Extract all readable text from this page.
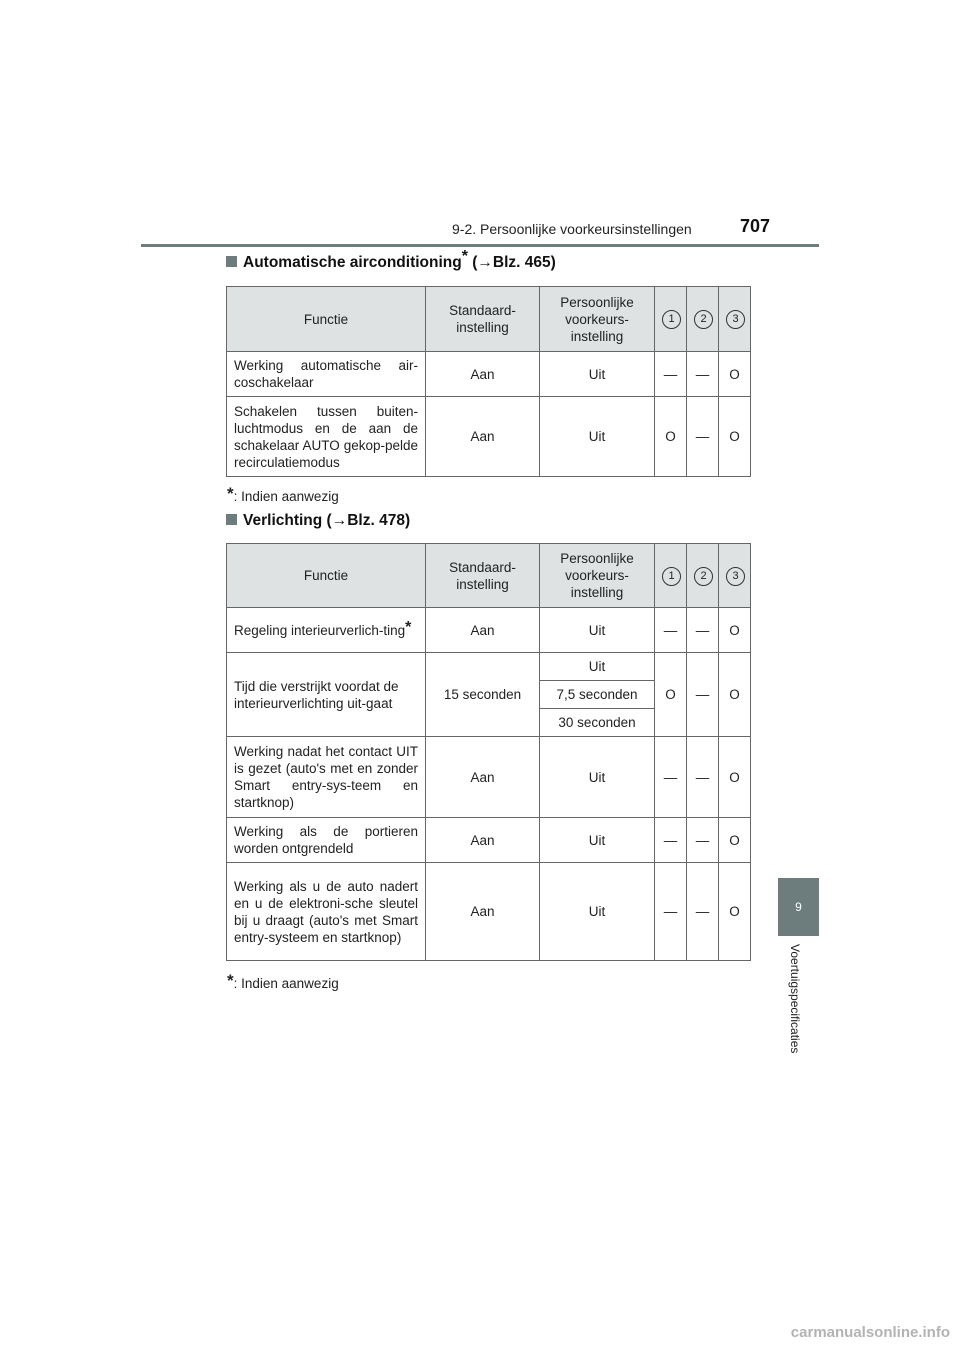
9-2. Persoonlijke voorkeursinstellingen	707
9
Voertuigspecificaties
Automatische airconditioning* (→Blz. 465)
Functie	Standaard-instelling	Persoonlijke voorkeurs-instelling	1	2	3
Werking automatische air-coschakelaar	Aan	Uit	—	—	O
Schakelen tussen buiten-luchtmodus en de aan de schakelaar AUTO gekop-pelde recirculatiemodus	Aan	Uit	O	—	O
*: Indien aanwezig
Verlichting (→Blz. 478)
Functie	Standaard-instelling	Persoonlijke voorkeurs-instelling	1	2	3
Regeling interieurverlich-ting*	Aan	Uit	—	—	O
Tijd die verstrijkt voordat de interieurverlichting uit-gaat	15 seconden	Uit	O	—	O
		7,5 seconden			
		30 seconden			
Werking nadat het contact UIT is gezet (auto's met en zonder Smart entry-sys-teem en startknop)	Aan	Uit	—	—	O
Werking als de portieren worden ontgrendeld	Aan	Uit	—	—	O
Werking als u de auto nadert en u de elektroni-sche sleutel bij u draagt (auto's met Smart entry-systeem en startknop)	Aan	Uit	—	—	O
*: Indien aanwezig
carmanualsonline.info
